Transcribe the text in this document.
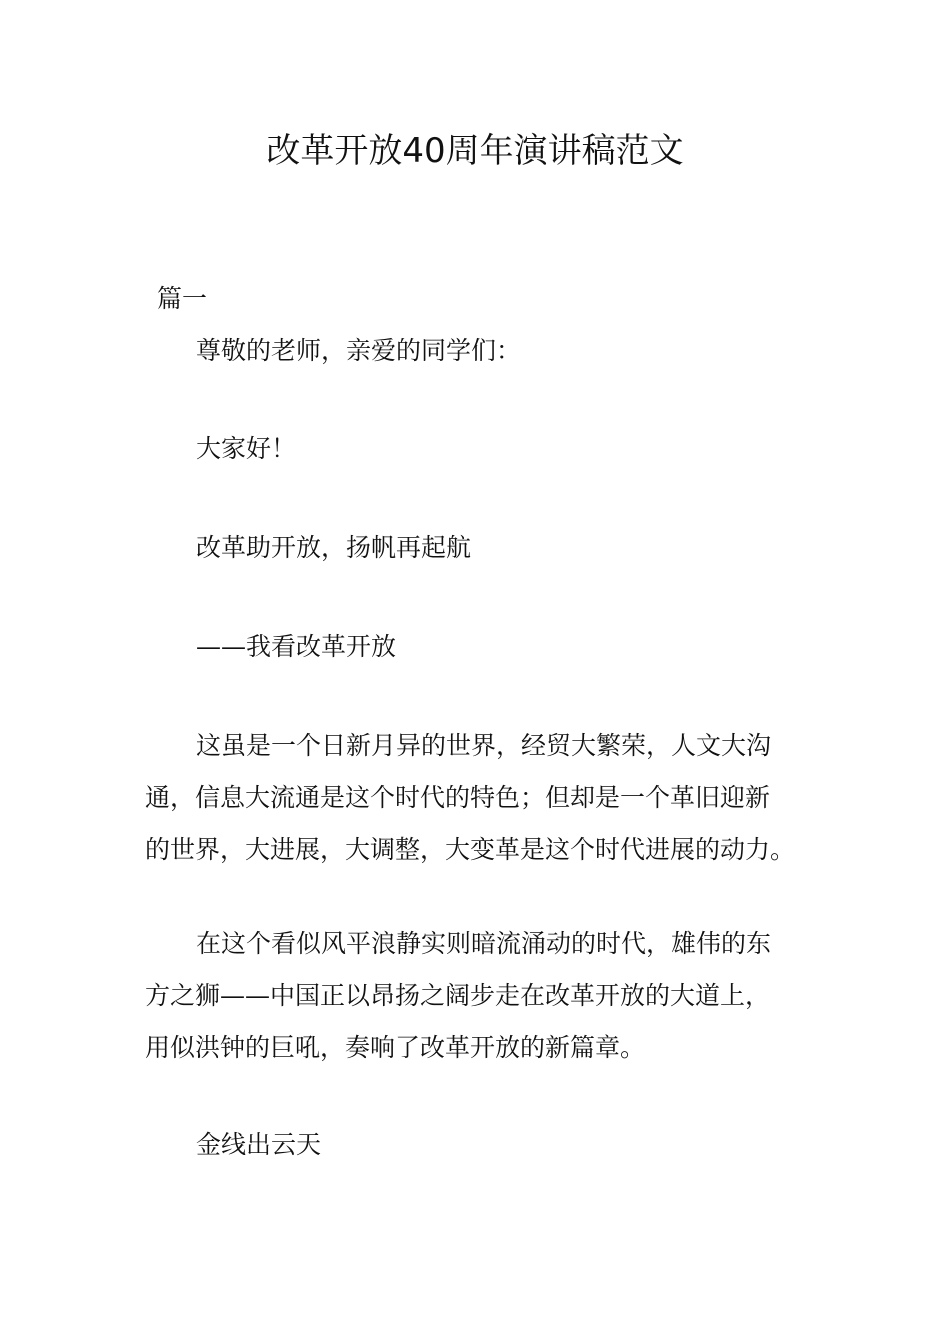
改革开放40周年演讲稿范文
篇一
尊敬的老师，亲爱的同学们：
大家好！
改革助开放，扬帆再起航
——我看改革开放
这虽是一个日新月异的世界，经贸大繁荣，人文大沟
通，信息大流通是这个时代的特色；但却是一个革旧迎新
的世界，大进展，大调整，大变革是这个时代进展的动力。
在这个看似风平浪静实则暗流涌动的时代，雄伟的东
方之狮——中国正以昂扬之阔步走在改革开放的大道上，
用似洪钟的巨吼，奏响了改革开放的新篇章。
金线出云天
